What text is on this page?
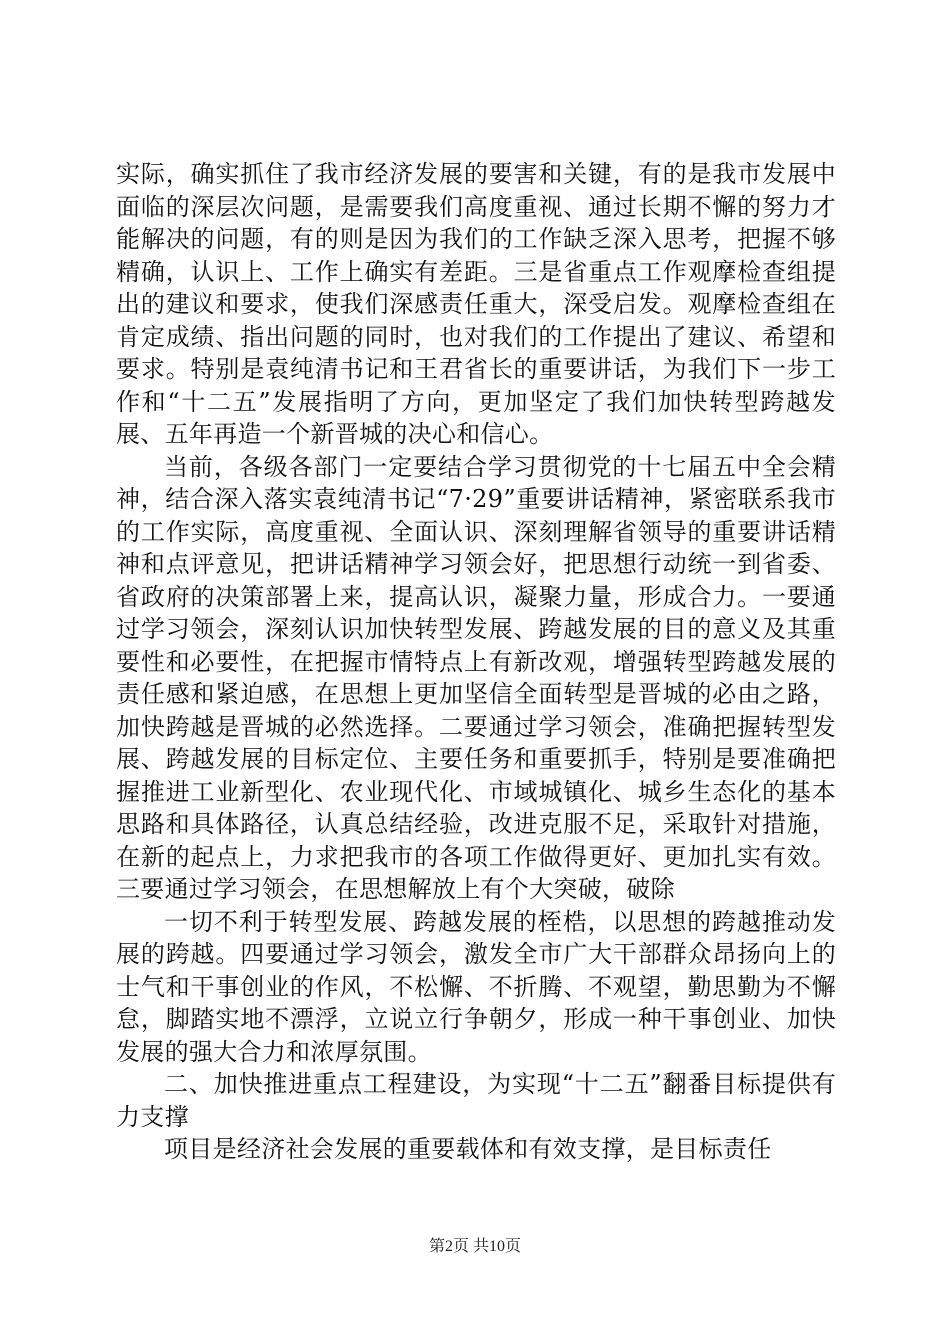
实际，确实抓住了我市经济发展的要害和关键，有的是我市发展中面临的深层次问题，是需要我们高度重视、通过长期不懈的努力才能解决的问题，有的则是因为我们的工作缺乏深入思考，把握不够精确，认识上、工作上确实有差距。三是省重点工作观摩检查组提出的建议和要求，使我们深感责任重大，深受启发。观摩检查组在肯定成绩、指出问题的同时，也对我们的工作提出了建议、希望和要求。特别是袁纯清书记和王君省长的重要讲话，为我们下一步工作和“十二五”发展指明了方向，更加坚定了我们加快转型跨越发展、五年再造一个新晋城的决心和信心。

当前，各级各部门一定要结合学习贯彻党的十七届五中全会精神，结合深入落实袁纯清书记“7·29”重要讲话精神，紧密联系我市的工作实际，高度重视、全面认识、深刻理解省领导的重要讲话精神和点评意见，把讲话精神学习领会好，把思想行动统一到省委、省政府的决策部署上来，提高认识，凝聚力量，形成合力。一要通过学习领会，深刻认识加快转型发展、跨越发展的目的意义及其重要性和必要性，在把握市情特点上有新改观，增强转型跨越发展的责任感和紧迫感，在思想上更加坚信全面转型是晋城的必由之路，加快跨越是晋城的必然选择。二要通过学习领会，准确把握转型发展、跨越发展的目标定位、主要任务和重要抓手，特别是要准确把握推进工业新型化、农业现代化、市域城镇化、城乡生态化的基本思路和具体路径，认真总结经验，改进克服不足，采取针对措施，在新的起点上，力求把我市的各项工作做得更好、更加扎实有效。三要通过学习领会，在思想解放上有个大突破，破除

一切不利于转型发展、跨越发展的桎梏，以思想的跨越推动发展的跨越。四要通过学习领会，激发全市广大干部群众昂扬向上的士气和干事创业的作风，不松懈、不折腾、不观望，勤思勤为不懈怠，脚踏实地不漂浮，立说立行争朝夕，形成一种干事创业、加快发展的强大合力和浓厚氛围。

二、加快推进重点工程建设，为实现“十二五”翻番目标提供有力支撑

项目是经济社会发展的重要载体和有效支撑，是目标责任

第2页 共10页
